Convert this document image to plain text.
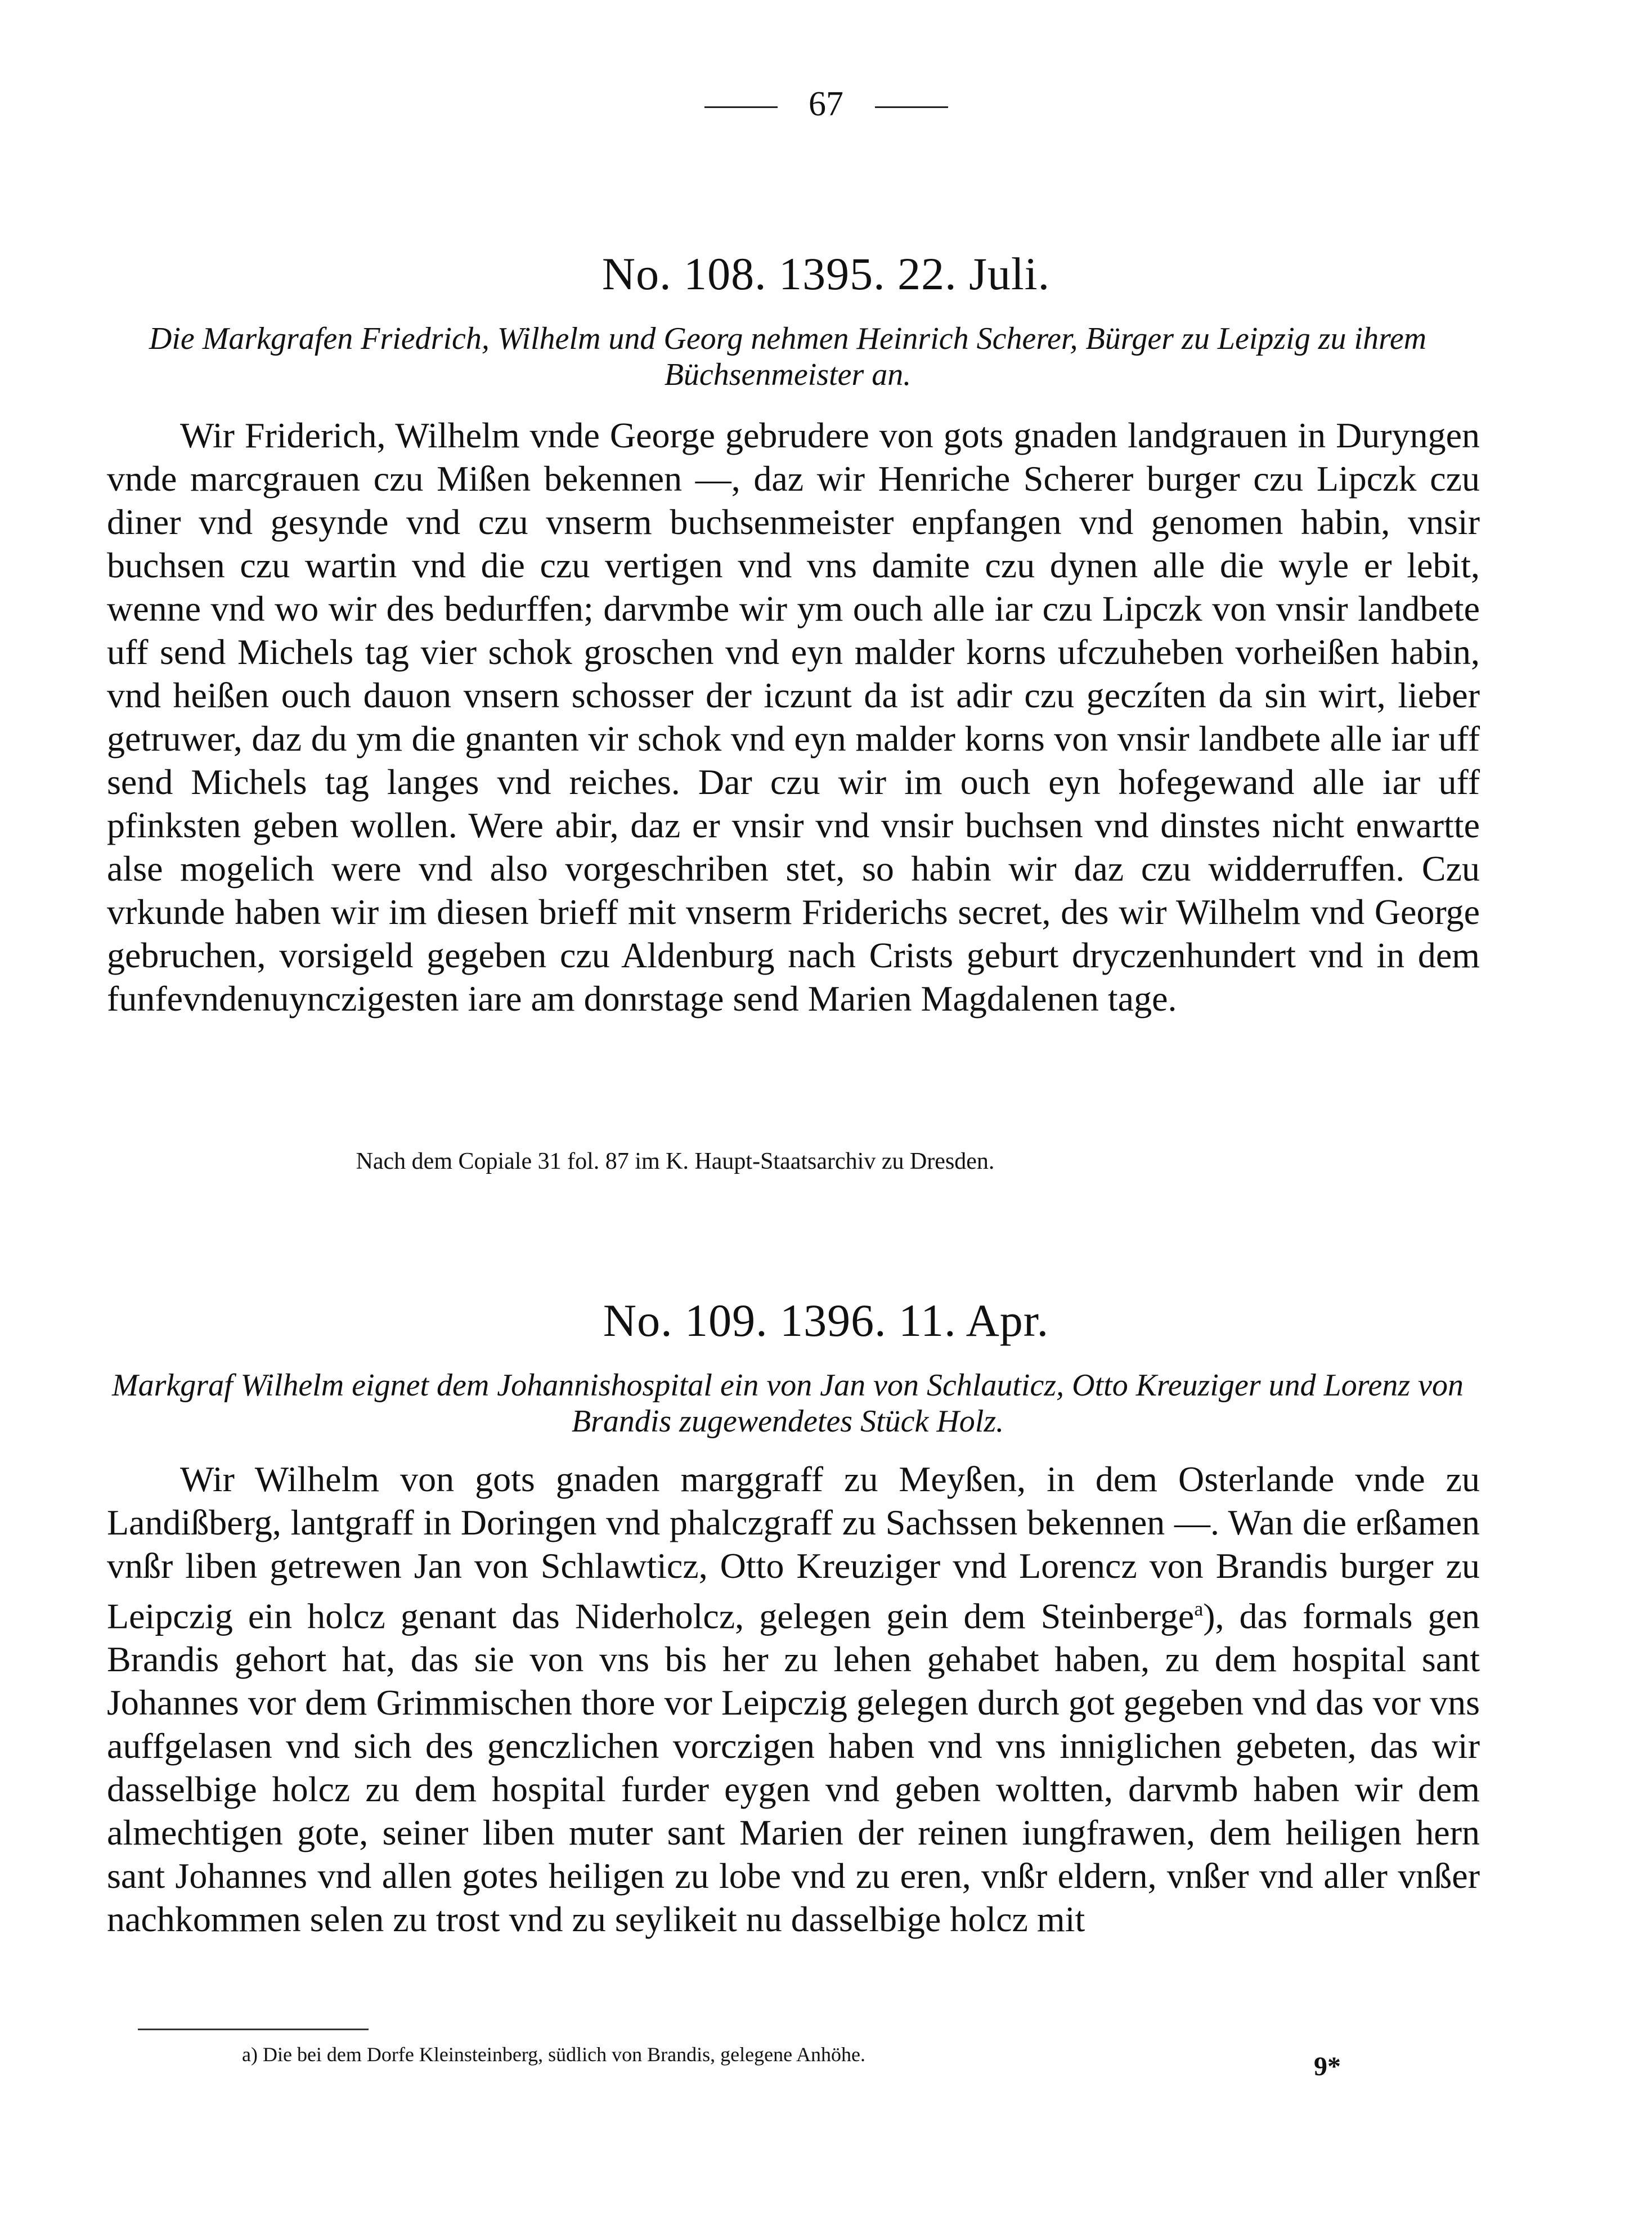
67
No. 108. 1395. 22. Juli.
Die Markgrafen Friedrich, Wilhelm und Georg nehmen Heinrich Scherer, Bürger zu Leipzig zu ihrem Büchsenmeister an.

Wir Friderich, Wilhelm vnde George gebrudere von gots gnaden landgrauen in Duryngen vnde marcgrauen czu Mißen bekennen —, daz wir Henriche Scherer burger czu Lipczk czu diner vnd gesynde vnd czu vnserm buchsenmeister enpfangen vnd genomen habin, vnsir buchsen czu wartin vnd die czu vertigen vnd vns damite czu dynen alle die wyle er lebit, wenne vnd wo wir des bedurffen; darvmbe wir ym ouch alle iar czu Lipczk von vnsir landbete uff send Michels tag vier schok groschen vnd eyn malder korns ufczuheben vorheißen habin, vnd heißen ouch dauon vnsern schosser der iczunt da ist adir czu geczíten da sin wirt, lieber getruwer, daz du ym die gnanten vir schok vnd eyn malder korns von vnsir landbete alle iar uff send Michels tag langes vnd reiches. Dar czu wir im ouch eyn hofegewand alle iar uff pfinksten geben wollen. Were abir, daz er vnsir vnd vnsir buchsen vnd dinstes nicht enwartte alse mogelich were vnd also vorgeschriben stet, so habin wir daz czu widderruffen. Czu vrkunde haben wir im diesen brieff mit vnserm Friderichs secret, des wir Wilhelm vnd George gebruchen, vorsigeld gegeben czu Aldenburg nach Crists geburt dryczenhundert vnd in dem funfevndenuynczigesten iare am donrstage send Marien Magdalenen tage.

Nach dem Copiale 31 fol. 87 im K. Haupt-Staatsarchiv zu Dresden.
No. 109. 1396. 11. Apr.
Markgraf Wilhelm eignet dem Johannishospital ein von Jan von Schlauticz, Otto Kreuziger und Lorenz von Brandis zugewendetes Stück Holz.

Wir Wilhelm von gots gnaden marggraff zu Meyßen, in dem Osterlande vnde zu Landißberg, lantgraff in Doringen vnd phalczgraff zu Sachssen bekennen —. Wan die erßamen vnßr liben getrewen Jan von Schlawticz, Otto Kreuziger vnd Lorencz von Brandis burger zu Leipczig ein holcz genant das Niderholcz, gelegen gein dem Steinberge$^a$), das formals gen Brandis gehort hat, das sie von vns bis her zu lehen gehabet haben, zu dem hospital sant Johannes vor dem Grimmischen thore vor Leipczig gelegen durch got gegeben vnd das vor vns auffgelasen vnd sich des genczlichen vorczigen haben vnd vns inniglichen gebeten, das wir dasselbige holcz zu dem hospital furder eygen vnd geben woltten, darvmb haben wir dem almechtigen gote, seiner liben muter sant Marien der reinen iungfrawen, dem heiligen hern sant Johannes vnd allen gotes heiligen zu lobe vnd zu eren, vnßr eldern, vnßer vnd aller vnßer nachkommen selen zu trost vnd zu seylikeit nu dasselbige holcz mit

a) Die bei dem Dorfe Kleinsteinberg, südlich von Brandis, gelegene Anhöhe.	9*
